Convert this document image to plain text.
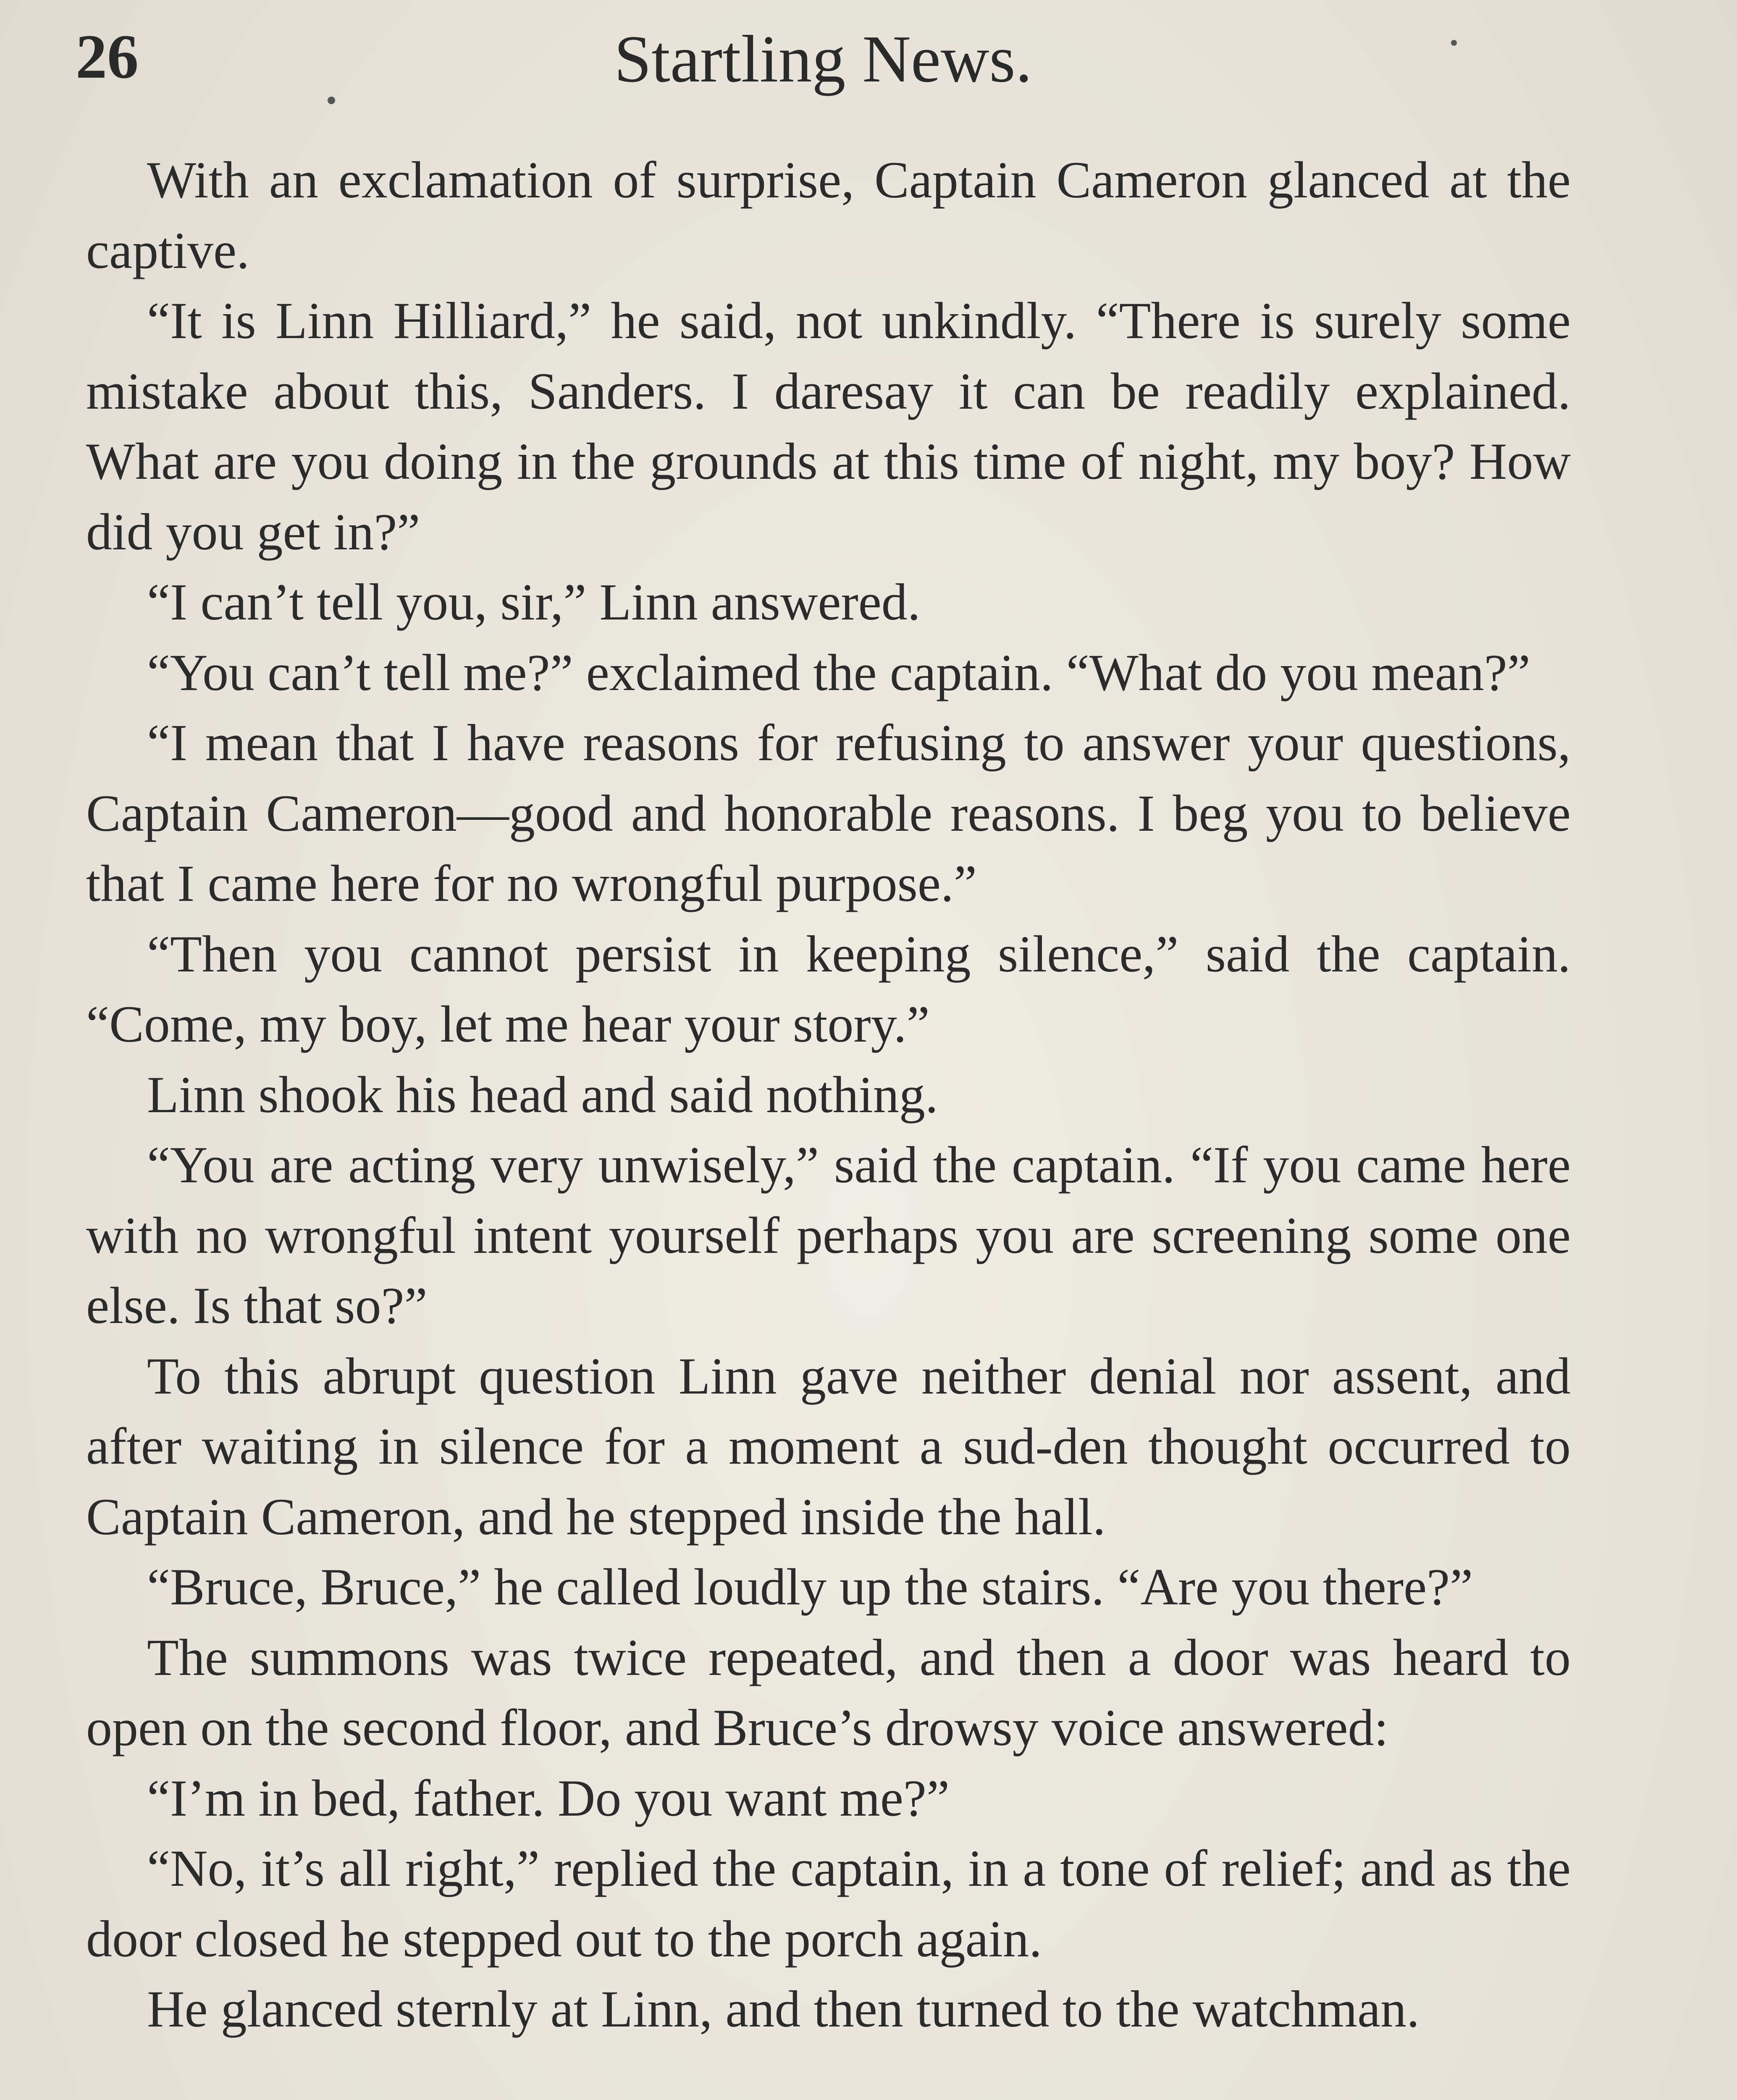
26	Startling News.

With an exclamation of surprise, Captain Cameron glanced at the captive.

“It is Linn Hilliard,” he said, not unkindly. “There is surely some mistake about this, Sanders. I daresay it can be readily explained. What are you doing in the grounds at this time of night, my boy? How did you get in?”

“I can’t tell you, sir,” Linn answered.

“You can’t tell me?” exclaimed the captain. “What do you mean?”

“I mean that I have reasons for refusing to answer your questions, Captain Cameron—good and honorable reasons. I beg you to believe that I came here for no wrongful purpose.”

“Then you cannot persist in keeping silence,” said the captain. “Come, my boy, let me hear your story.”

Linn shook his head and said nothing.

“You are acting very unwisely,” said the captain. “If you came here with no wrongful intent yourself perhaps you are screening some one else. Is that so?”

To this abrupt question Linn gave neither denial nor assent, and after waiting in silence for a moment a sud-den thought occurred to Captain Cameron, and he stepped inside the hall.

“Bruce, Bruce,” he called loudly up the stairs. “Are you there?”

The summons was twice repeated, and then a door was heard to open on the second floor, and Bruce’s drowsy voice answered:

“I’m in bed, father. Do you want me?”

“No, it’s all right,” replied the captain, in a tone of relief; and as the door closed he stepped out to the porch again.

He glanced sternly at Linn, and then turned to the watchman.
